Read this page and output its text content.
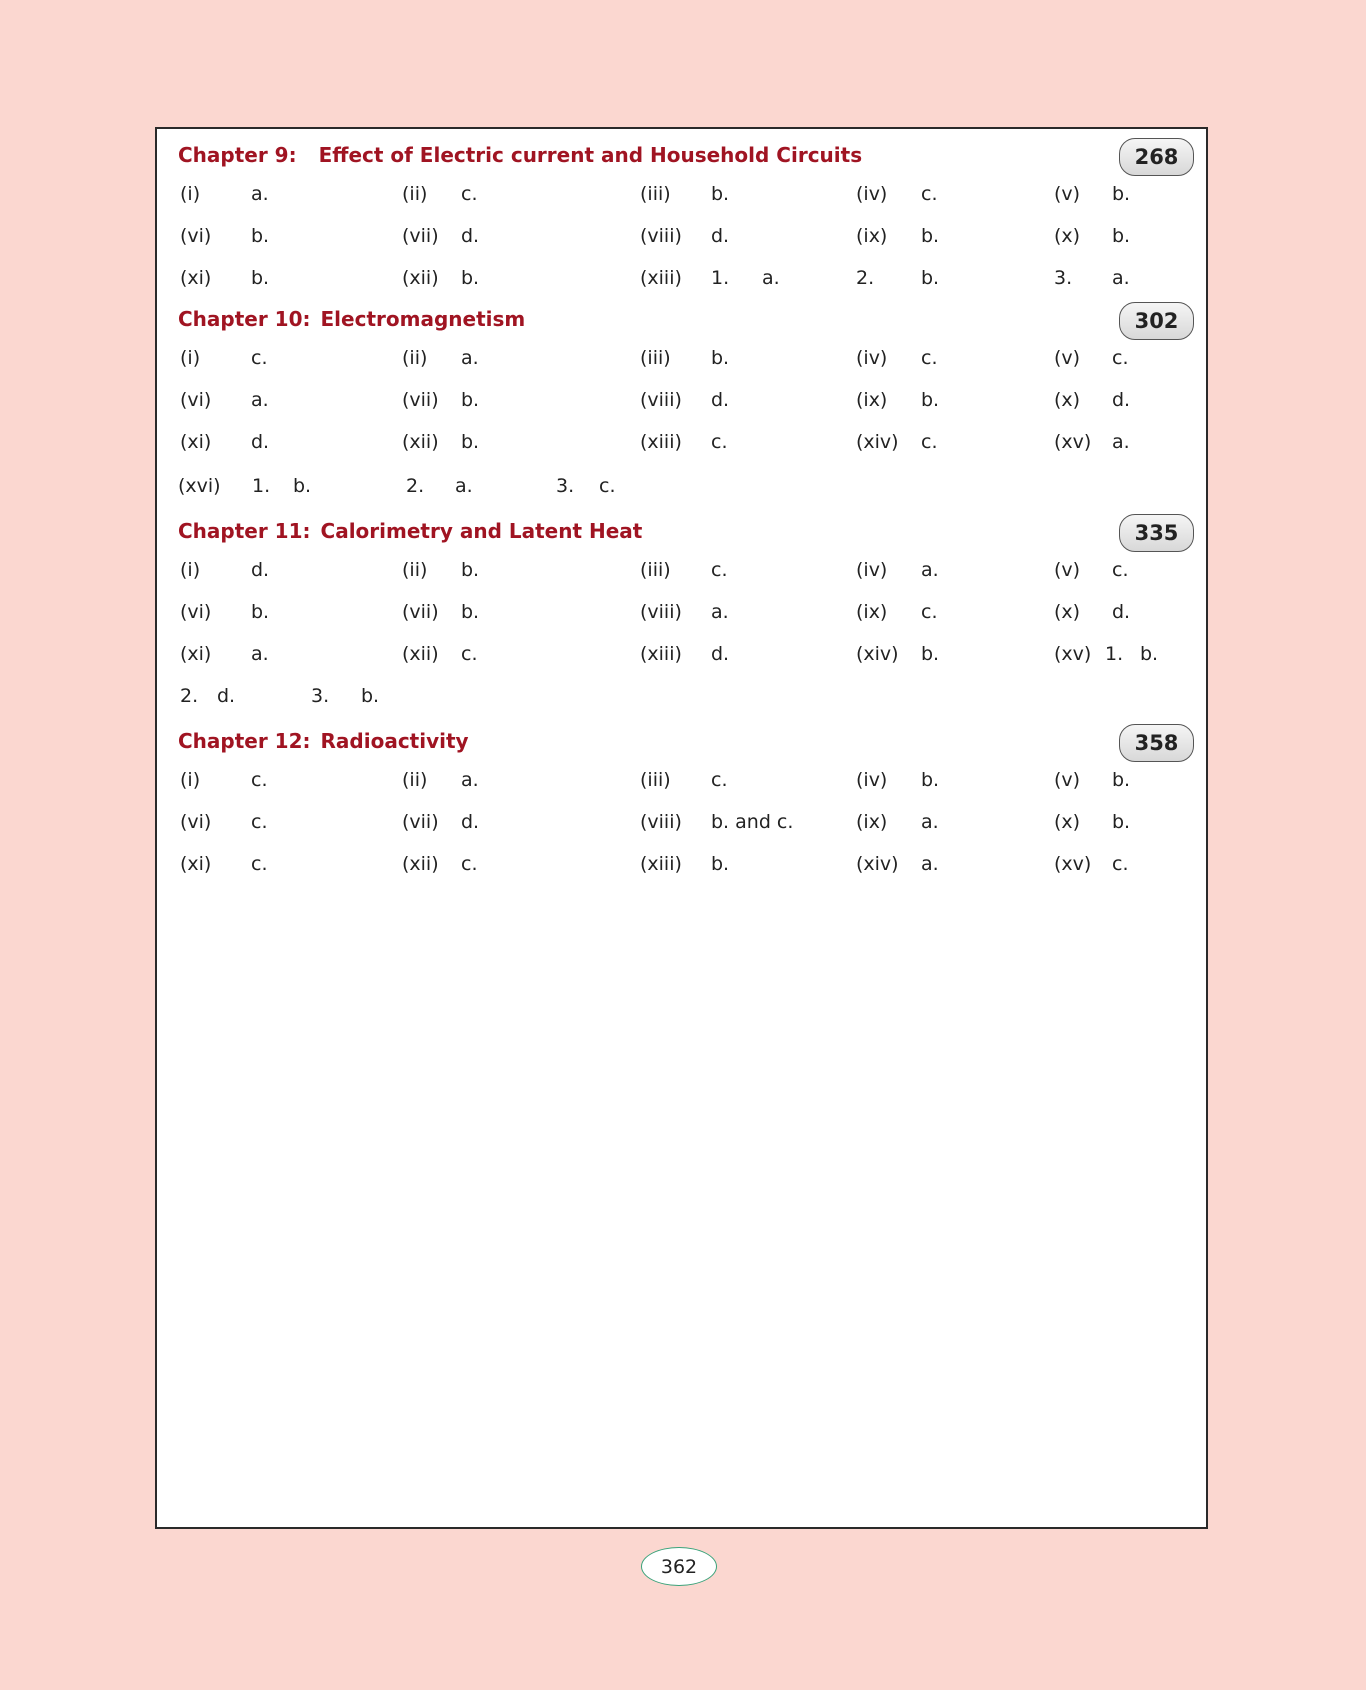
Chapter 9: Effect of Electric current and Household Circuits	268
(i)	a.	(ii) c.	(iii) b.	(iv) c.	(v) b.
(vi) b.	(vii) d.	(viii) d.	(ix) b.	(x) b.
(xi) b.	(xii) b.	(xiii) 1. a.	2. b.	3. a.
Chapter 10: Electromagnetism	302
(i)	c.	(ii) a.	(iii) b.	(iv) c.	(v) c.
(vi) a.	(vii) b.	(viii) d.	(ix) b.	(x) d.
(xi) d.	(xii) b.	(xiii) c.	(xiv) c.	(xv) a.
(xvi) 1. b.	2. a.	3. c.
Chapter 11: Calorimetry and Latent Heat	335
(i)	d.	(ii) b.	(iii) c.	(iv) a.	(v) c.
(vi) b.	(vii) b.	(viii) a.	(ix) c.	(x) d.
(xi) a.	(xii) c.	(xiii) d.	(xiv) b.	(xv) 1. b.
2. d.	3. b.
Chapter 12: Radioactivity	358
(i)	c.	(ii) a.	(iii) c.	(iv) b.	(v) b.
(vi) c.	(vii) d.	(viii) b. and c.	(ix) a.	(x) b.
(xi) c.	(xii) c.	(xiii) b.	(xiv) a.	(xv) c.
362
